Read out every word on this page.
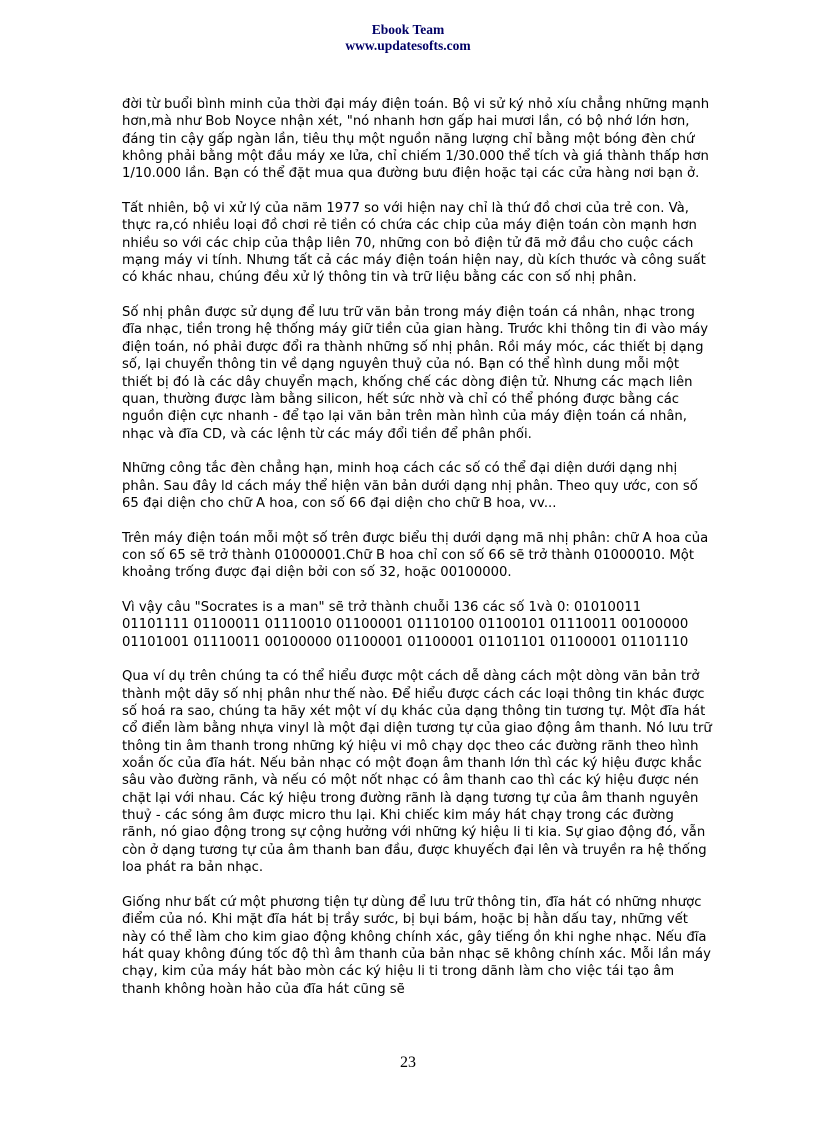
Ebook Team
www.updatesofts.com

đời từ buổi bình minh của thời đại máy điện toán. Bộ vi sử ký nhỏ xíu chẳng những mạnh hơn,mà như Bob Noyce nhận xét, "nó nhanh hơn gấp hai mươi lần, có bộ nhớ lớn hơn, đáng tin cậy gấp ngàn lần, tiêu thụ một nguồn năng lượng chỉ bằng một bóng đèn chứ không phải bằng một đầu máy xe lửa, chỉ chiếm 1/30.000 thể tích và giá thành thấp hơn 1/10.000 lần. Bạn có thể đặt mua qua đường bưu điện hoặc tại các cửa hàng nơi bạn ở.

Tất nhiên, bộ vi xử lý của năm 1977 so với hiện nay chỉ là thứ đồ chơi của trẻ con. Và, thực ra,có nhiều loại đồ chơi rẻ tiền có chứa các chip của máy điện toán còn mạnh hơn nhiều so với các chip của thập liên 70, những con bỏ điện tử đã mở đầu cho cuộc cách mạng máy vi tính. Nhưng tất cả các máy điện toán hiện nay, dù kích thước và công suất có khác nhau, chúng đều xử lý thông tin và trữ liệu bằng các con số nhị phân.

Số nhị phân được sử dụng để lưu trữ văn bản trong máy điện toán cá nhân, nhạc trong đĩa nhạc, tiền trong hệ thống máy giữ tiền của gian hàng. Trước khi thông tin đi vào máy điện toán, nó phải được đổi ra thành những số nhị phân. Rồi máy móc, các thiết bị dạng số, lại chuyển thông tin về dạng nguyên thuỷ của nó. Bạn có thể hình dung mỗi một thiết bị đó là các dây chuyển mạch, khống chế các dòng điện tử. Nhưng các mạch liên quan, thường được làm bằng silicon, hết sức nhờ và chỉ có thể phóng được bằng các nguồn điện cực nhanh - để tạo lại văn bản trên màn hình của máy điện toán cá nhân, nhạc và đĩa CD, và các lệnh từ các máy đổi tiền để phân phối.

Những công tắc đèn chẳng hạn, minh hoạ cách các số có thể đại diện dưới dạng nhị phân. Sau đây ld cách máy thể hiện văn bản dưới dạng nhị phân. Theo quy ước, con số 65 đại diện cho chữ A hoa, con số 66 đại diện cho chữ B hoa, vv...

Trên máy điện toán mỗi một số trên được biểu thị dưới dạng mã nhị phân: chữ A hoa của con số 65 sẽ trở thành 01000001.Chữ B hoa chỉ con số 66 sẽ trở thành 01000010. Một khoảng trống được đại diện bởi con số 32, hoặc 00100000.

Vì vậy câu "Socrates is a man" sẽ trở thành chuỗi 136 các số 1và 0: 01010011 01101111 01100011 01110010 01100001 01110100 01100101 01110011 00100000 01101001 01110011 00100000 01100001 01100001 01101101 01100001 01101110

Qua ví dụ trên chúng ta có thể hiểu được một cách dễ dàng cách một dòng văn bản trở thành một dãy số nhị phân như thế nào. Để hiểu được cách các loại thông tin khác được số hoá ra sao, chúng ta hãy xét một ví dụ khác của dạng thông tin tương tự. Một đĩa hát cổ điển làm bằng nhựa vinyl là một đại diện tương tự của giao động âm thanh. Nó lưu trữ thông tin âm thanh trong những ký hiệu vi mô chạy dọc theo các đường rãnh theo hình xoắn ốc của đĩa hát. Nếu bản nhạc có một đoạn âm thanh lớn thì các ký hiệu được khắc sâu vào đường rãnh, và nếu có một nốt nhạc có âm thanh cao thì các ký hiệu được nén chặt lại với nhau. Các ký hiệu trong đường rãnh là dạng tương tự của âm thanh nguyên thuỷ - các sóng âm được micro thu lại. Khi chiếc kim máy hát chạy trong các đường rãnh, nó giao động trong sự cộng hưởng với những ký hiệu li ti kia. Sự giao động đó, vẫn còn ở dạng tương tự của âm thanh ban đầu, được khuyếch đại lên và truyền ra hệ thống loa phát ra bản nhạc.

Giống như bất cứ một phương tiện tự dùng để lưu trữ thông tin, đĩa hát có những nhược điểm của nó. Khi mặt đĩa hát bị trầy sước, bị bụi bám, hoặc bị hằn dấu tay, những vết này có thể làm cho kim giao động không chính xác, gây tiếng ồn khi nghe nhạc. Nếu đĩa hát quay không đúng tốc độ thì âm thanh của bản nhạc sẽ không chính xác. Mỗi lần máy chạy, kim của máy hát bào mòn các ký hiệu li ti trong dãnh làm cho việc tái tạo âm thanh không hoàn hảo của đĩa hát cũng sẽ

23
